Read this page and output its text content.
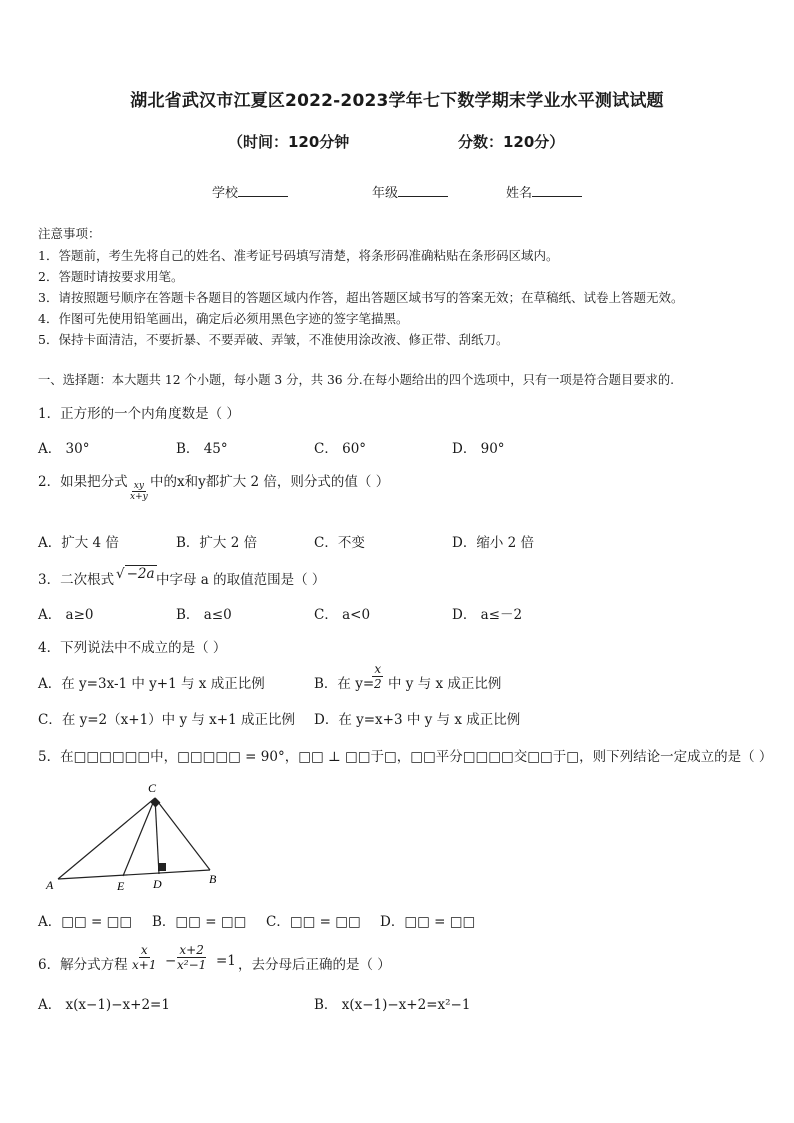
湖北省武汉市江夏区2022-2023学年七下数学期末学业水平测试试题
（时间：120分钟	分数：120分）
学校	年级	姓名
注意事项：
1．答题前，考生先将自己的姓名、准考证号码填写清楚，将条形码准确粘贴在条形码区域内。
2．答题时请按要求用笔。
3．请按照题号顺序在答题卡各题目的答题区域内作答，超出答题区域书写的答案无效；在草稿纸、试卷上答题无效。
4．作图可先使用铅笔画出，确定后必须用黑色字迹的签字笔描黑。
5．保持卡面清洁，不要折暴、不要弄破、弄皱，不准使用涂改液、修正带、刮纸刀。
一、选择题：本大题共 12 个小题，每小题 3 分，共 36 分.在每小题给出的四个选项中，只有一项是符合题目要求的.
1．正方形的一个内角度数是（ ）
A． 30°	B． 45°	C． 60°	D． 90°
2．如果把分式 $\frac{xy}{x+y}$ 中的x和y都扩大 2 倍，则分式的值（ ）
A．扩大 4 倍	B．扩大 2 倍	C．不变	D．缩小 2 倍
3．二次根式 √ −2a 中字母 a 的取值范围是（ ）
A． a≥0	B． a≤0	C． a<0	D． a≤－2
4．下列说法中不成立的是（ ）
A．在 y=3x-1 中 y+1 与 x 成正比例	B．在 y=
$\frac{x}{2}$ 中 y 与 x 成正比例
C．在 y=2（x+1）中 y 与 x+1 成正比例 D．在 y=x+3 中 y 与 x 成正比例
5．在□□□□□□中，□□□□□ = 90°，□□ ⊥ □□于□，□□平分□□□□交□□于□，则下列结论一定成立的是（ ）
C
A	E D	B
A．□□ = □□ B．□□ = □□ C．□□ = □□ D．□□ = □□
6．解分式方程 $\frac{x}{x+1}$ −
$\frac{x+2}{\text{x²−1}} =1$ ，去分母后正确的是（ ）
A． x(x−1)−x+2=1	B． x(x−1)−x+2=x²−1
